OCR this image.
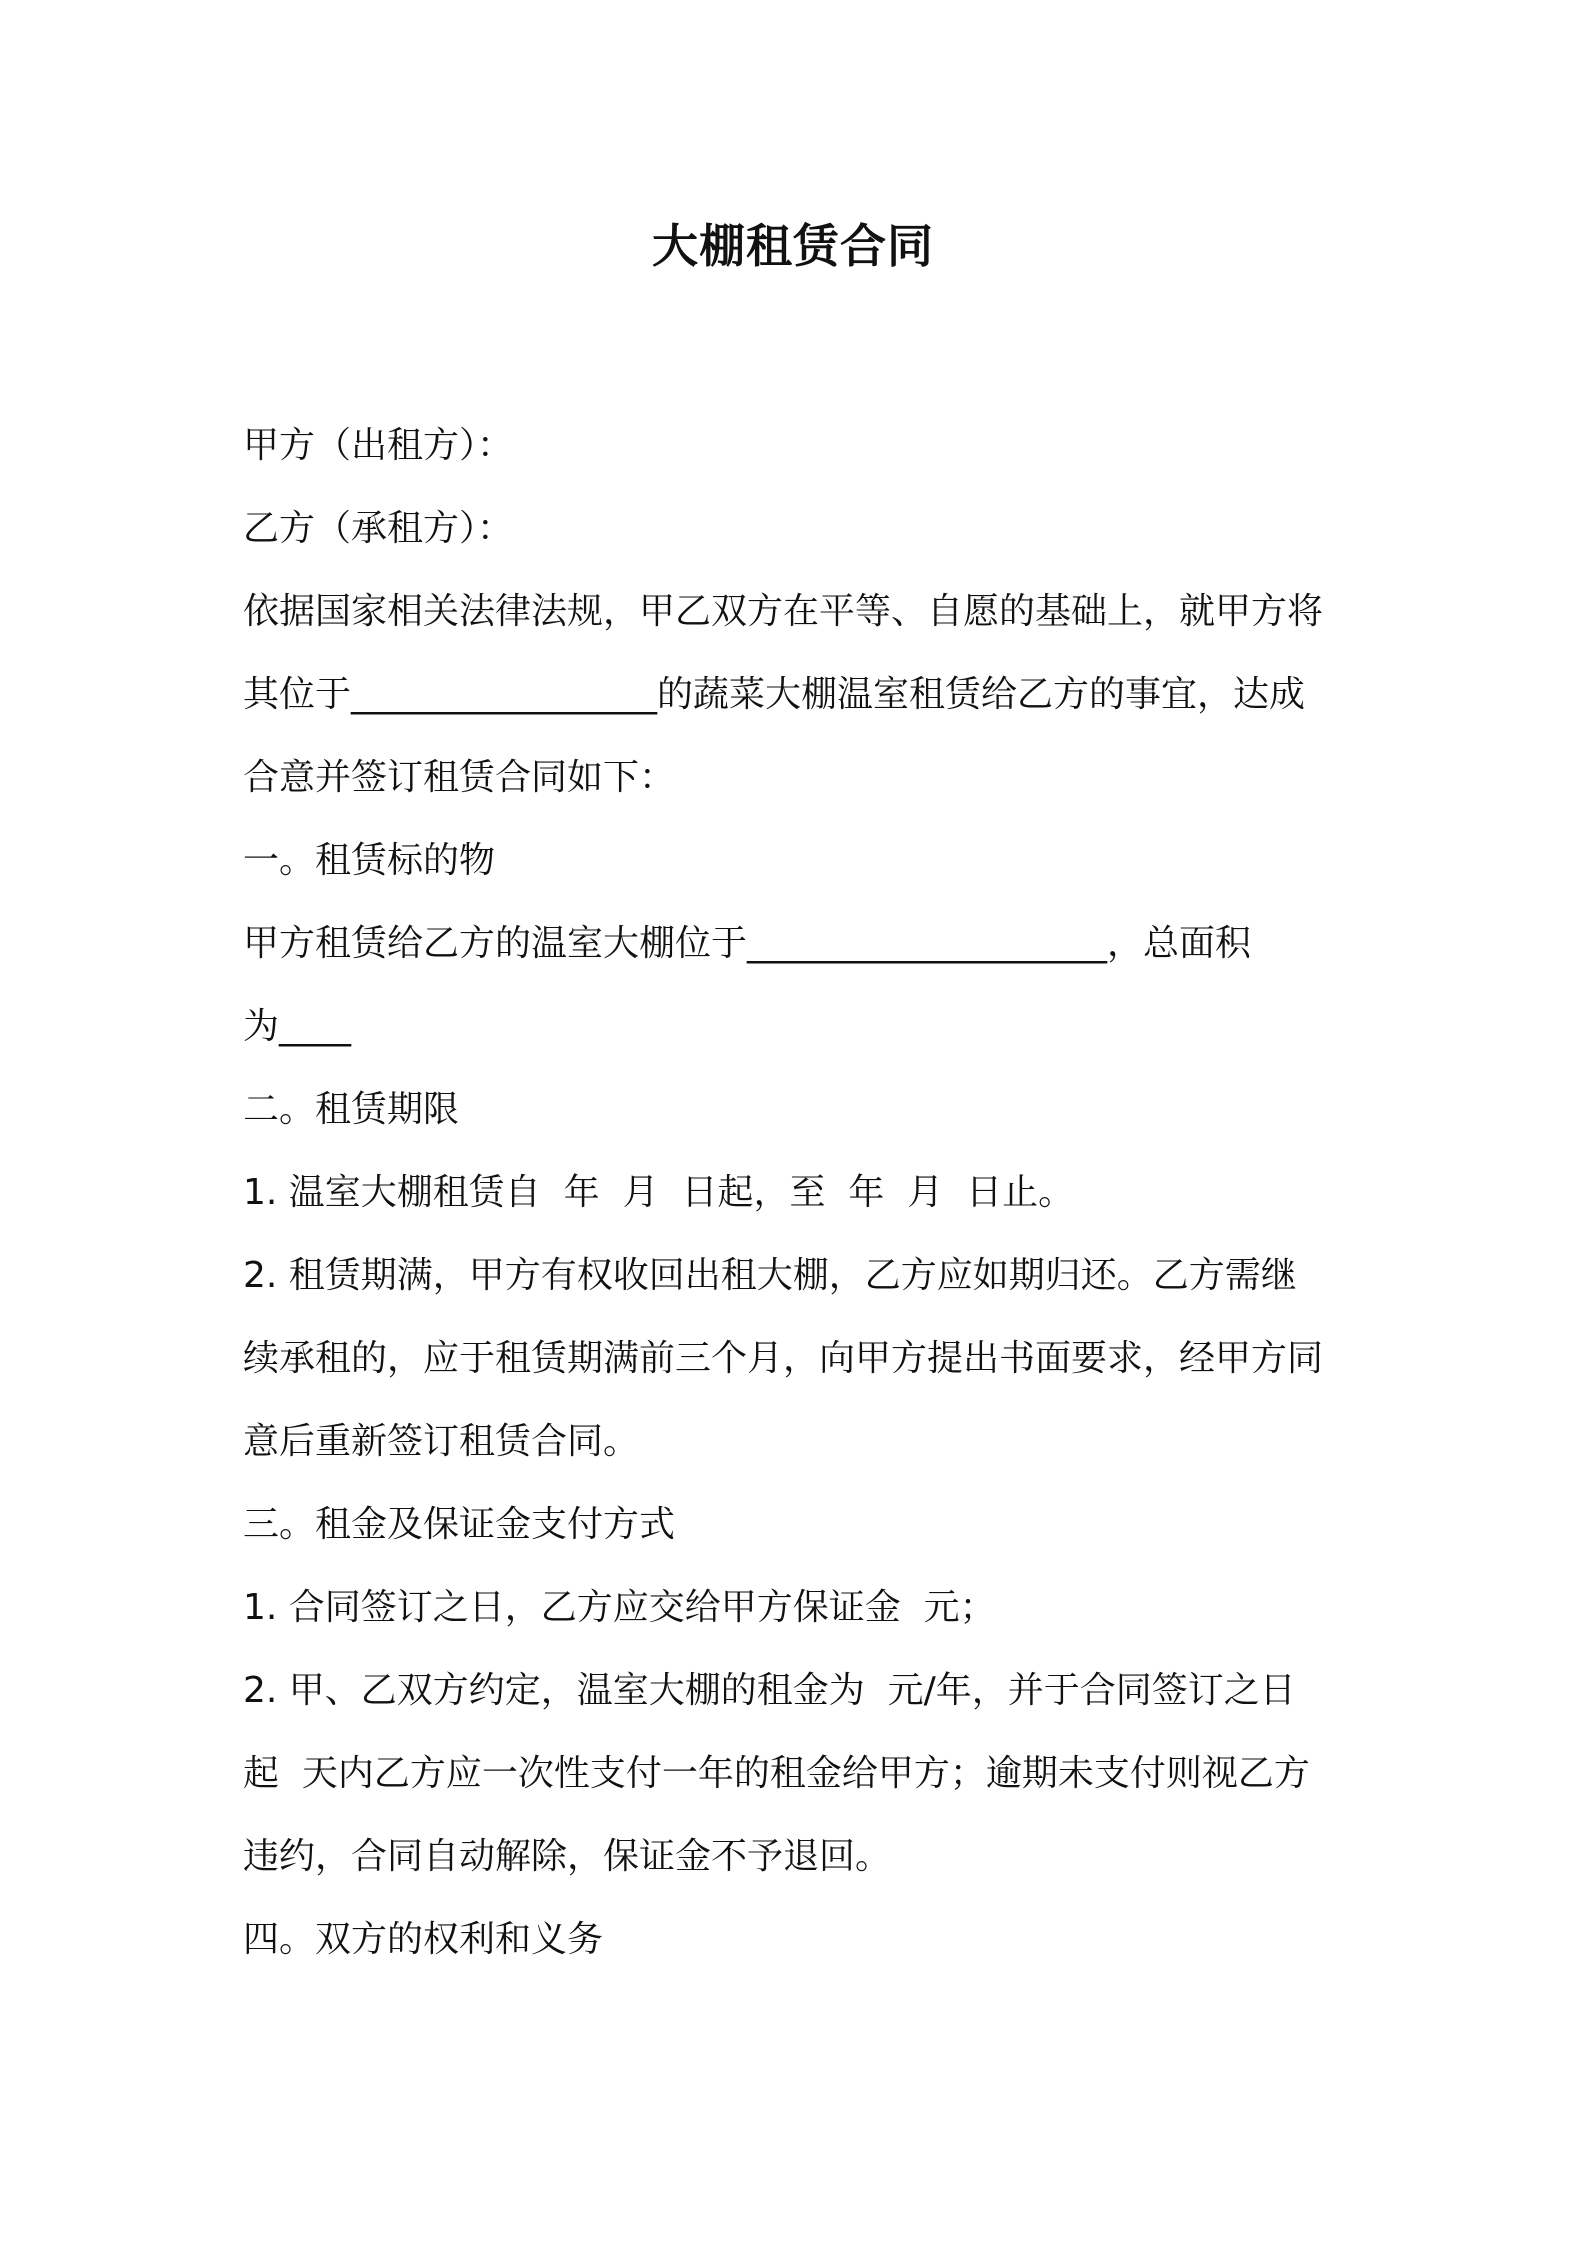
大棚租赁合同
甲方（出租方）：
乙方（承租方）：
依据国家相关法律法规，甲乙双方在平等、自愿的基础上，就甲方将
其位于_________________的蔬菜大棚温室租赁给乙方的事宜，达成
合意并签订租赁合同如下：
一。租赁标的物
甲方租赁给乙方的温室大棚位于____________________，总面积
为____
二。租赁期限
1. 温室大棚租赁自  年  月  日起，至  年  月  日止。
2. 租赁期满，甲方有权收回出租大棚，乙方应如期归还。乙方需继
续承租的，应于租赁期满前三个月，向甲方提出书面要求，经甲方同
意后重新签订租赁合同。
三。租金及保证金支付方式
1. 合同签订之日，乙方应交给甲方保证金  元；
2. 甲、乙双方约定，温室大棚的租金为  元/年，并于合同签订之日
起  天内乙方应一次性支付一年的租金给甲方；逾期未支付则视乙方
违约，合同自动解除，保证金不予退回。
四。双方的权利和义务
